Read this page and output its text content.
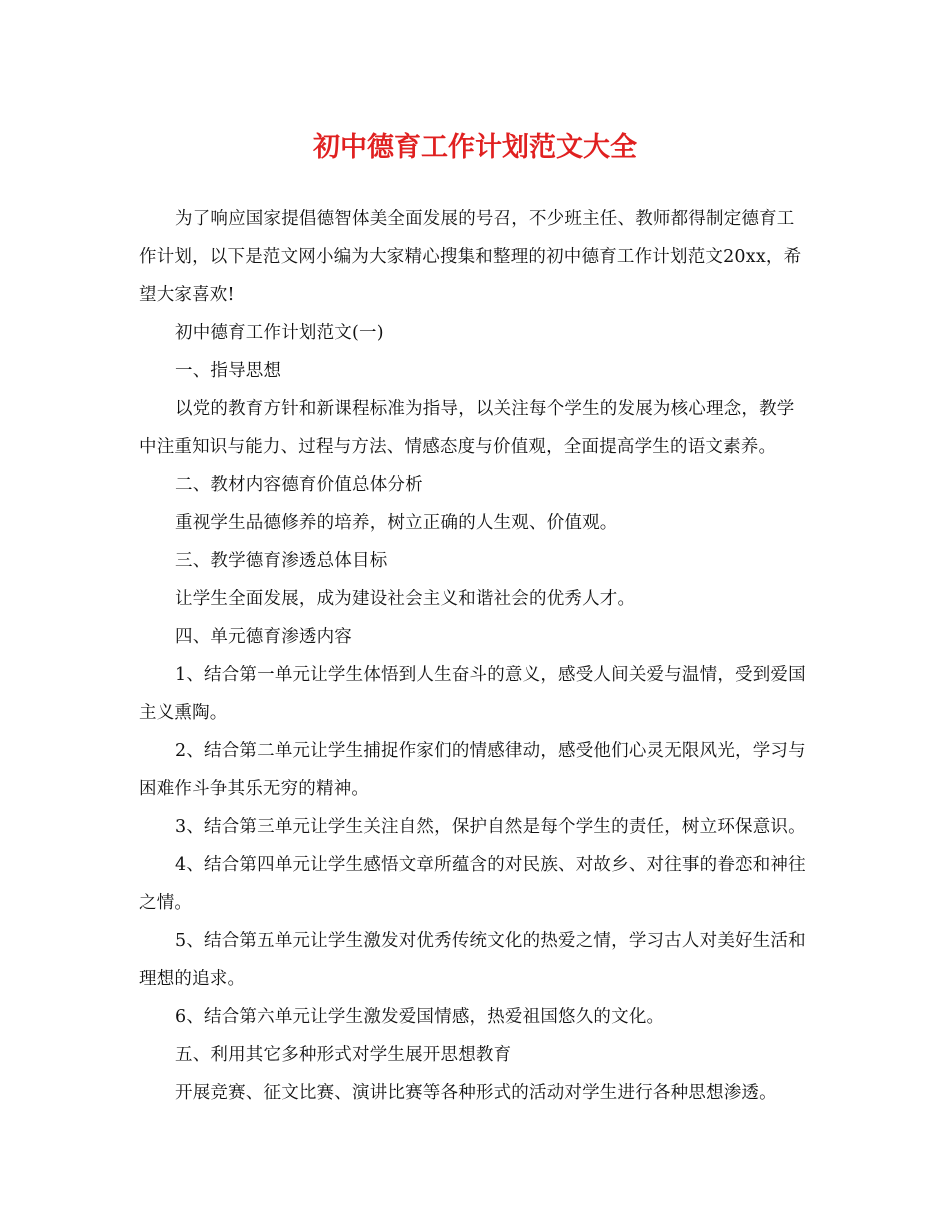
初中德育工作计划范文大全

为了响应国家提倡德智体美全面发展的号召，不少班主任、教师都得制定德育工作计划，以下是范文网小编为大家精心搜集和整理的初中德育工作计划范文20xx，希望大家喜欢!

初中德育工作计划范文(一)

一、指导思想

以党的教育方针和新课程标准为指导，以关注每个学生的发展为核心理念，教学中注重知识与能力、过程与方法、情感态度与价值观，全面提高学生的语文素养。

二、教材内容德育价值总体分析

重视学生品德修养的培养，树立正确的人生观、价值观。

三、教学德育渗透总体目标

让学生全面发展，成为建设社会主义和谐社会的优秀人才。

四、单元德育渗透内容

1、结合第一单元让学生体悟到人生奋斗的意义，感受人间关爱与温情，受到爱国主义熏陶。

2、结合第二单元让学生捕捉作家们的情感律动，感受他们心灵无限风光，学习与困难作斗争其乐无穷的精神。

3、结合第三单元让学生关注自然，保护自然是每个学生的责任，树立环保意识。

4、结合第四单元让学生感悟文章所蕴含的对民族、对故乡、对往事的眷恋和神往之情。

5、结合第五单元让学生激发对优秀传统文化的热爱之情，学习古人对美好生活和理想的追求。

6、结合第六单元让学生激发爱国情感，热爱祖国悠久的文化。

五、利用其它多种形式对学生展开思想教育

开展竞赛、征文比赛、演讲比赛等各种形式的活动对学生进行各种思想渗透。
